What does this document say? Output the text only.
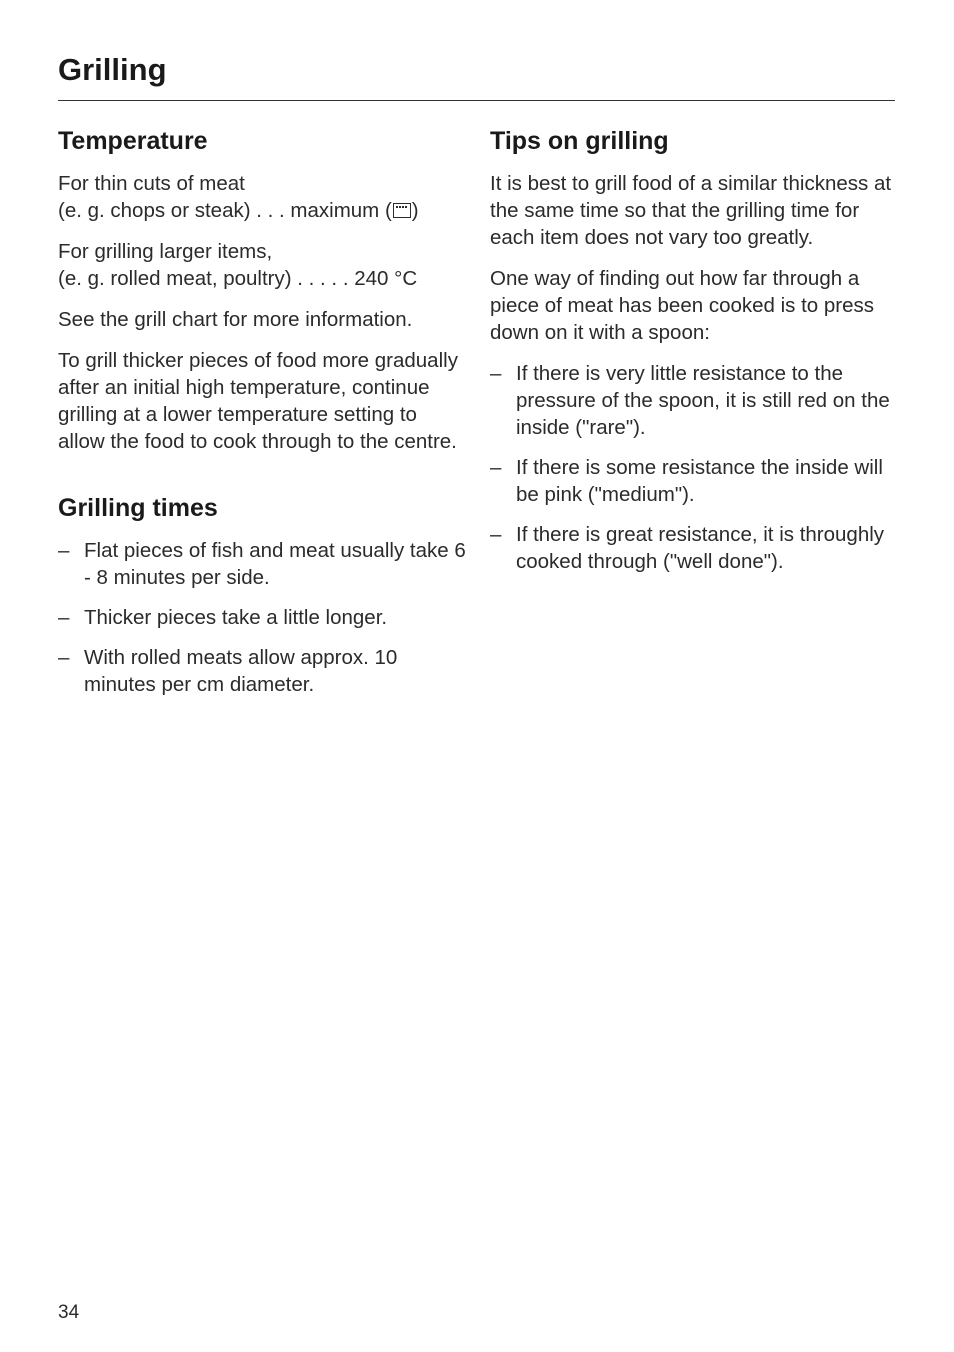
Grilling
Temperature

For thin cuts of meat
(e. g. chops or steak) . . . maximum ( )

For grilling larger items,
(e. g. rolled meat, poultry) . . . . . 240 °C

See the grill chart for more information.

To grill thicker pieces of food more gradually after an initial high temperature, continue grilling at a lower temperature setting to allow the food to cook through to the centre.

Grilling times
– Flat pieces of fish and meat usually take 6 - 8 minutes per side.
– Thicker pieces take a little longer.
– With rolled meats allow approx. 10 minutes per cm diameter.
Tips on grilling

It is best to grill food of a similar thickness at the same time so that the grilling time for each item does not vary too greatly.

One way of finding out how far through a piece of meat has been cooked is to press down on it with a spoon:

– If there is very little resistance to the pressure of the spoon, it is still red on the inside ("rare").
– If there is some resistance the inside will be pink ("medium").
– If there is great resistance, it is throughly cooked through ("well done").
34
